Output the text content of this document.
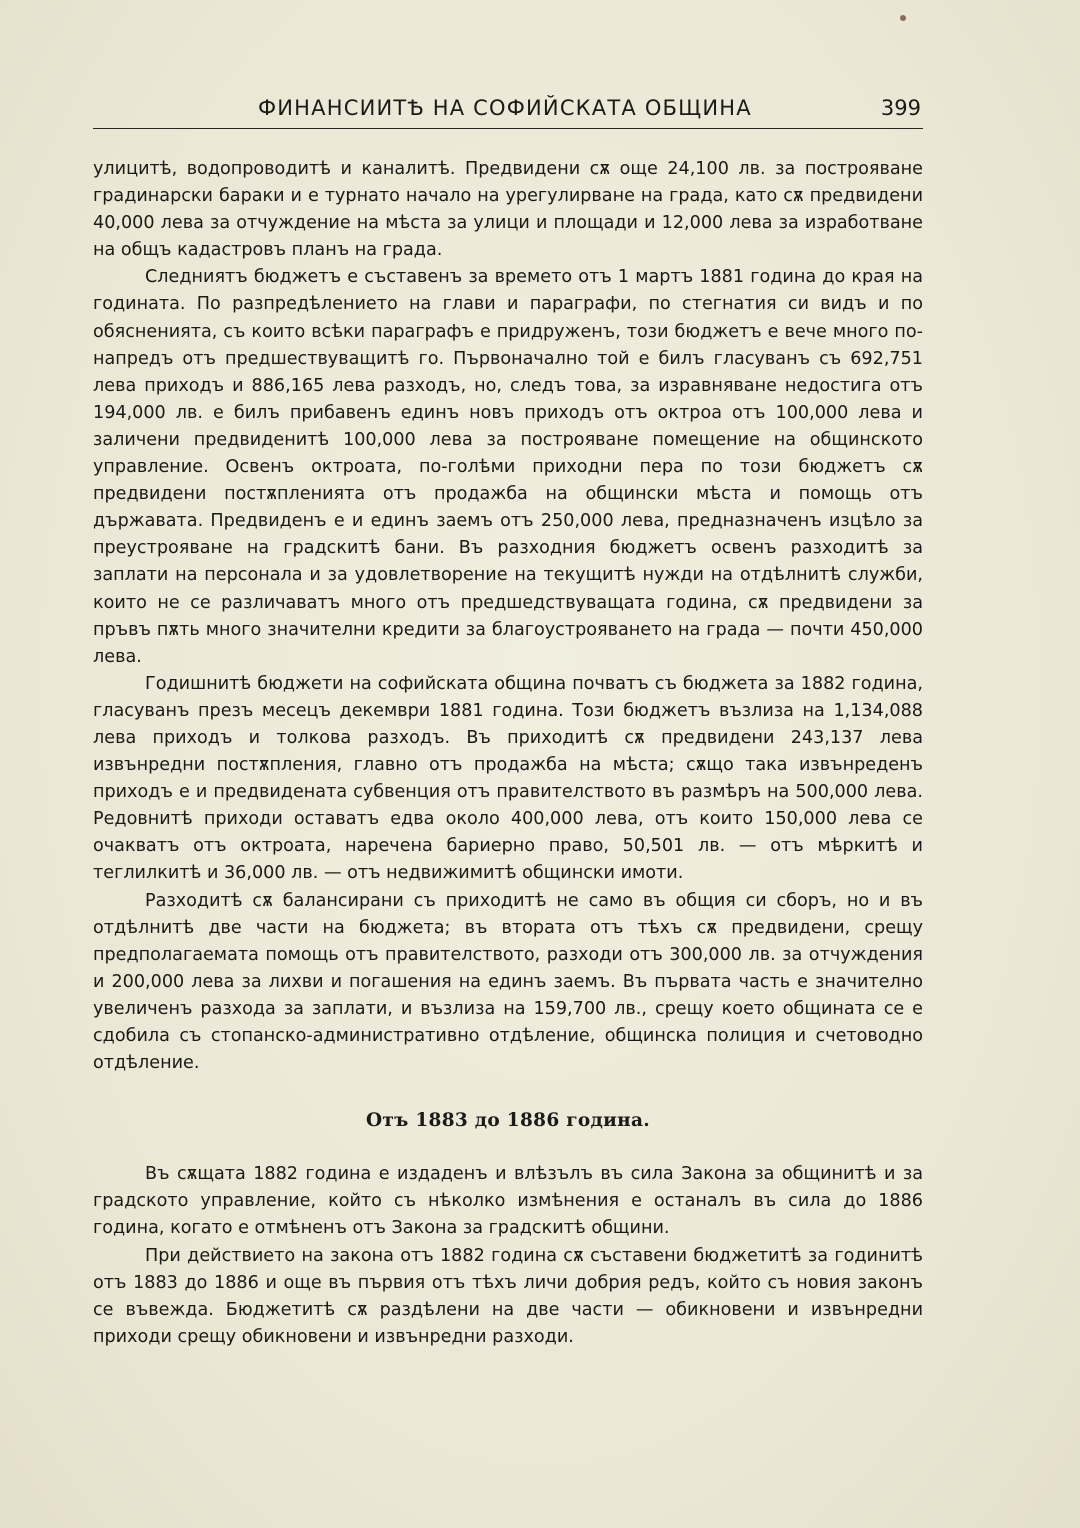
ФИНАНСИИТѢ НА СОФИЙСКАТА ОБЩИНА	399

улицитѣ, водопроводитѣ и каналитѣ. Предвидени сѫ още 24,100 лв. за построяване градинарски бараки и е турнато начало на урегулирване на града, като сѫ предвидени 40,000 лева за отчуждение на мѣста за улици и площади и 12,000 лева за изработване на общъ кадастровъ планъ на града.

Следниятъ бюджетъ е съставенъ за времето отъ 1 мартъ 1881 година до края на годината. По разпредѣлението на глави и параграфи, по стегнатия си видъ и по обясненията, съ които всѣки параграфъ е придруженъ, този бюджетъ е вече много по-напредъ отъ предшествуващитѣ го. Първоначално той е билъ гласуванъ съ 692,751 лева приходъ и 886,165 лева разходъ, но, следъ това, за изравняване недостига отъ 194,000 лв. е билъ прибавенъ единъ новъ приходъ отъ октроа отъ 100,000 лева и заличени предвиденитѣ 100,000 лева за построяване помещение на общинското управление. Освенъ октроата, по-голѣми приходни пера по този бюджетъ сѫ предвидени постѫпленията отъ продажба на общински мѣста и помощь отъ държавата. Предвиденъ е и единъ заемъ отъ 250,000 лева, предназначенъ изцѣло за преустрояване на градскитѣ бани. Въ разходния бюджетъ освенъ разходитѣ за заплати на персонала и за удовлетворение на текущитѣ нужди на отдѣлнитѣ служби, които не се различаватъ много отъ предшедствуващата година, сѫ предвидени за пръвъ пѫть много значителни кредити за благоустрояването на града — почти 450,000 лева.

Годишнитѣ бюджети на софийската община почватъ съ бюджета за 1882 година, гласуванъ презъ месецъ декември 1881 година. Този бюджетъ възлиза на 1,134,088 лева приходъ и толкова разходъ. Въ приходитѣ сѫ предвидени 243,137 лева извънредни постѫпления, главно отъ продажба на мѣста; сѫщо така извънреденъ приходъ е и предвидената субвенция отъ правителството въ размѣръ на 500,000 лева. Редовнитѣ приходи оставатъ едва около 400,000 лева, отъ които 150,000 лева се очакватъ отъ октроата, наречена бариерно право, 50,501 лв. — отъ мѣркитѣ и теглилкитѣ и 36,000 лв. — отъ недвижимитѣ общински имоти.

Разходитѣ сѫ балансирани съ приходитѣ не само въ общия си сборъ, но и въ отдѣлнитѣ две части на бюджета; въ втората отъ тѣхъ сѫ предвидени, срещу предполагаемата помощь отъ правителството, разходи отъ 300,000 лв. за отчуждения и 200,000 лева за лихви и погашения на единъ заемъ. Въ първата часть е значително увеличенъ разхода за заплати, и възлиза на 159,700 лв., срещу което общината се е сдобила съ стопанско-административно отдѣление, общинска полиция и счетоводно отдѣление.

Отъ 1883 до 1886 година.

Въ сѫщата 1882 година е издаденъ и влѣзълъ въ сила Закона за общинитѣ и за градското управление, който съ нѣколко измѣнения е останалъ въ сила до 1886 година, когато е отмѣненъ отъ Закона за градскитѣ общини.

При действието на закона отъ 1882 година сѫ съставени бюджетитѣ за годинитѣ отъ 1883 до 1886 и още въ първия отъ тѣхъ личи добрия редъ, който съ новия законъ се въвежда. Бюджетитѣ сѫ раздѣлени на две части — обикновени и извънредни приходи срещу обикновени и извънредни разходи.
